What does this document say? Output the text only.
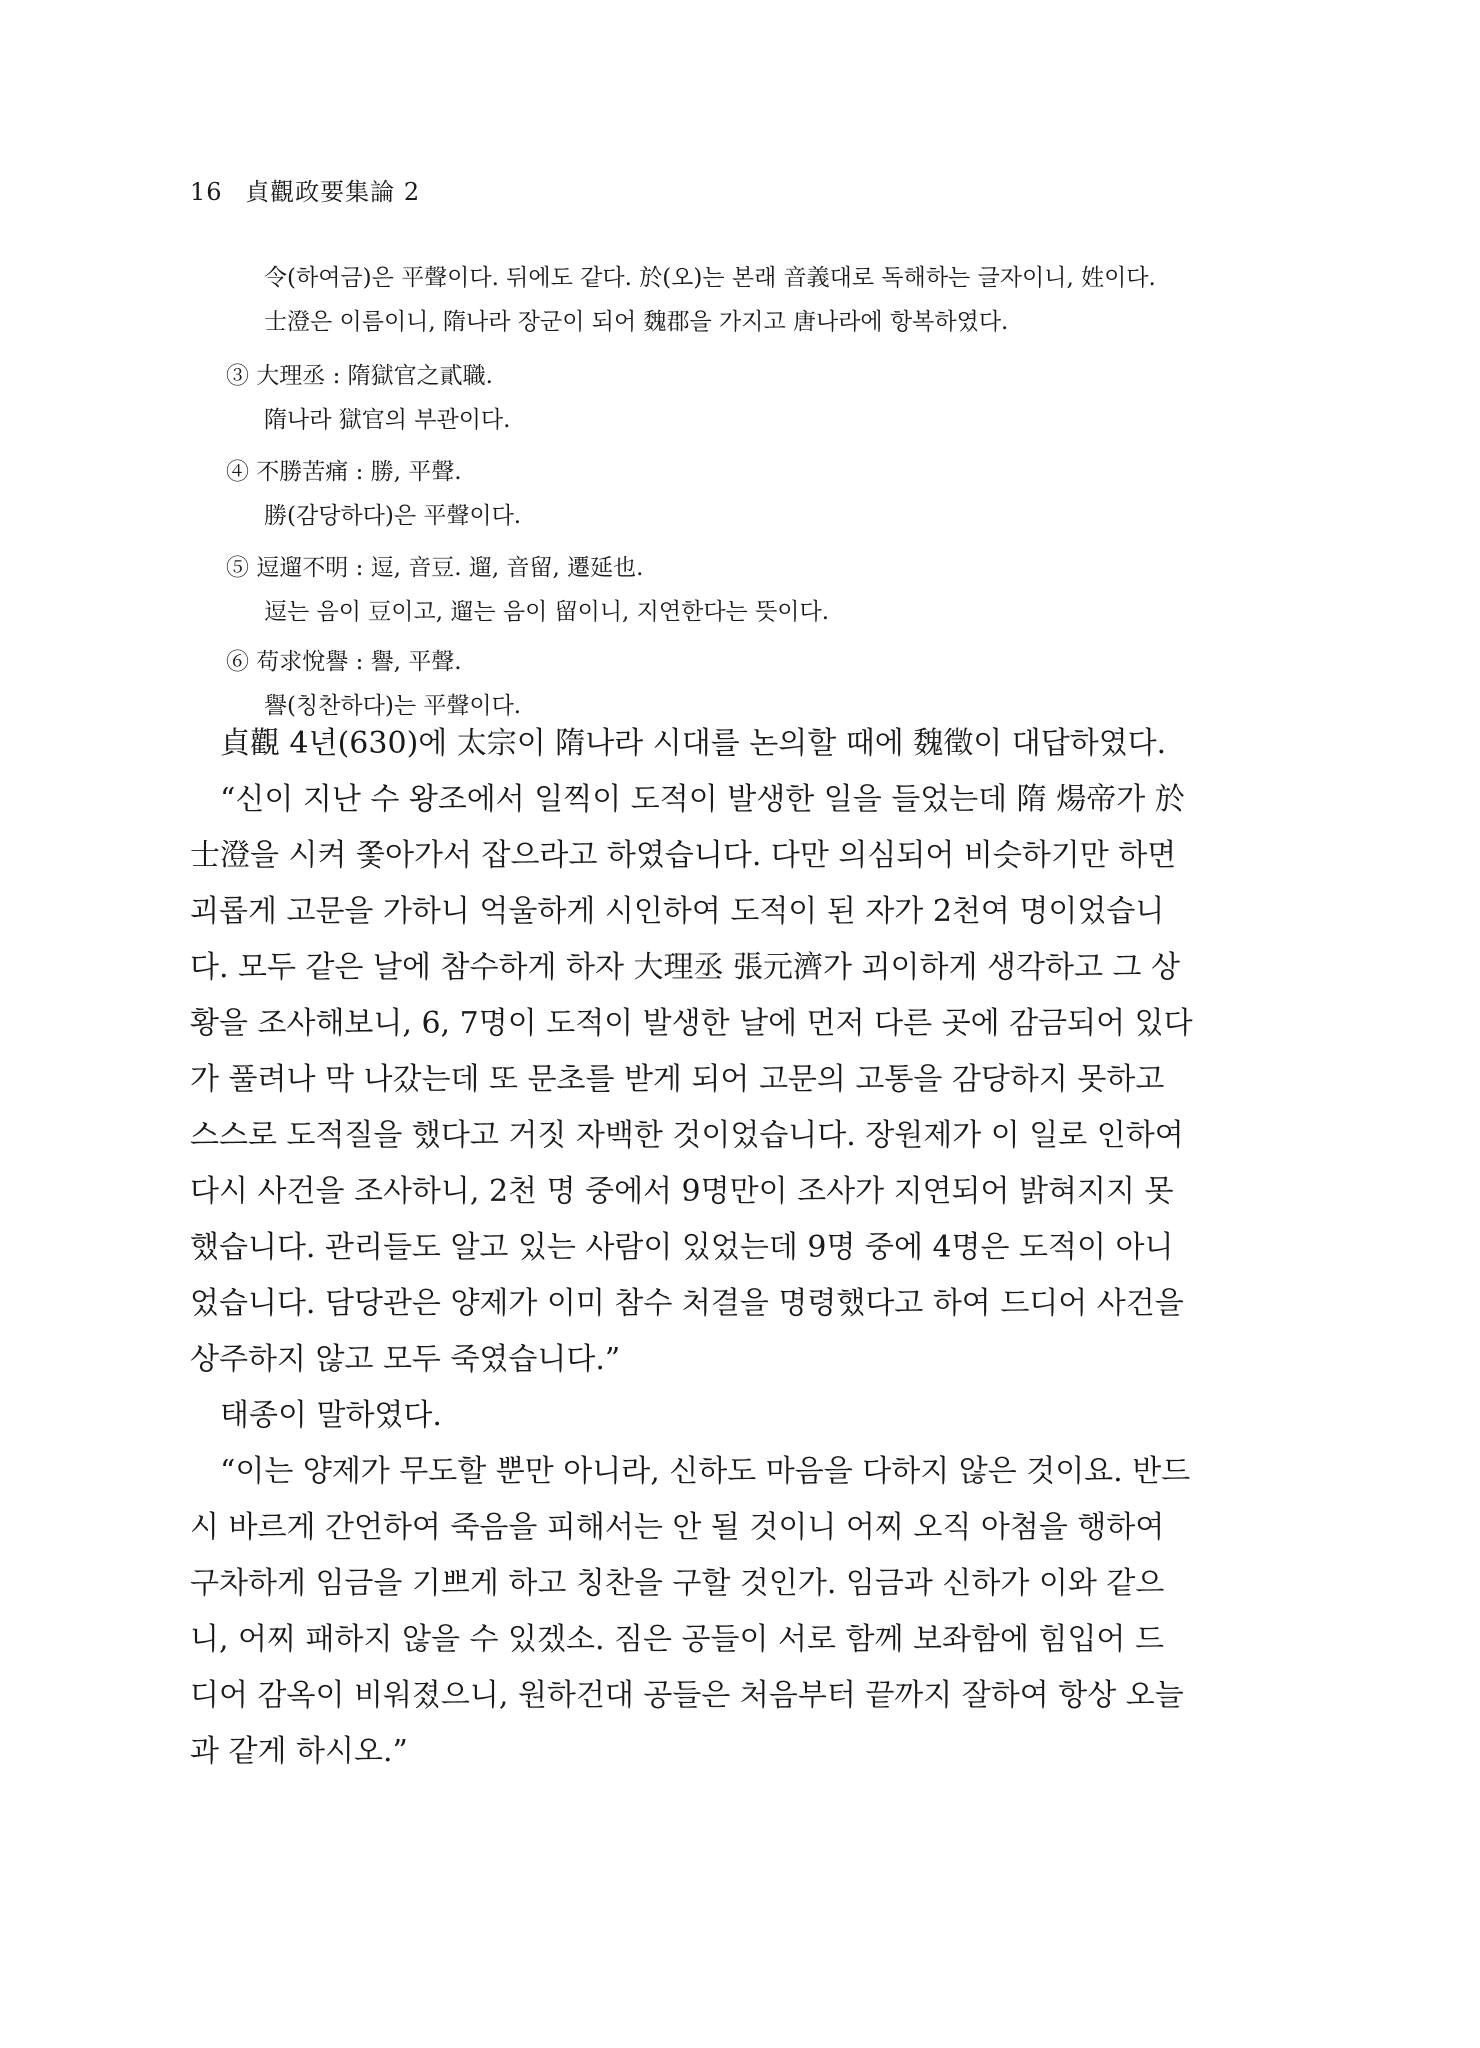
16 貞觀政要集論 2
令(하여금)은 平聲이다. 뒤에도 같다. 於(오)는 본래 音義대로 독해하는 글자이니, 姓이다.
士澄은 이름이니, 隋나라 장군이 되어 魏郡을 가지고 唐나라에 항복하였다.
③ 大理丞 : 隋獄官之貳職.
隋나라 獄官의 부관이다.
④ 不勝苦痛 : 勝, 平聲.
勝(감당하다)은 平聲이다.
⑤ 逗遛不明 : 逗, 音豆. 遛, 音留, 遷延也.
逗는 음이 豆이고, 遛는 음이 留이니, 지연한다는 뜻이다.
⑥ 苟求悅譽 : 譽, 平聲.
譽(칭찬하다)는 平聲이다.
貞觀 4년(630)에 太宗이 隋나라 시대를 논의할 때에 魏徵이 대답하였다.
“신이 지난 수 왕조에서 일찍이 도적이 발생한 일을 들었는데 隋 煬帝가 於
士澄을 시켜 쫓아가서 잡으라고 하였습니다. 다만 의심되어 비슷하기만 하면
괴롭게 고문을 가하니 억울하게 시인하여 도적이 된 자가 2천여 명이었습니
다. 모두 같은 날에 참수하게 하자 大理丞 張元濟가 괴이하게 생각하고 그 상
황을 조사해보니, 6, 7명이 도적이 발생한 날에 먼저 다른 곳에 감금되어 있다
가 풀려나 막 나갔는데 또 문초를 받게 되어 고문의 고통을 감당하지 못하고
스스로 도적질을 했다고 거짓 자백한 것이었습니다. 장원제가 이 일로 인하여
다시 사건을 조사하니, 2천 명 중에서 9명만이 조사가 지연되어 밝혀지지 못
했습니다. 관리들도 알고 있는 사람이 있었는데 9명 중에 4명은 도적이 아니
었습니다. 담당관은 양제가 이미 참수 처결을 명령했다고 하여 드디어 사건을
상주하지 않고 모두 죽였습니다.”
태종이 말하였다.
“이는 양제가 무도할 뿐만 아니라, 신하도 마음을 다하지 않은 것이요. 반드
시 바르게 간언하여 죽음을 피해서는 안 될 것이니 어찌 오직 아첨을 행하여
구차하게 임금을 기쁘게 하고 칭찬을 구할 것인가. 임금과 신하가 이와 같으
니, 어찌 패하지 않을 수 있겠소. 짐은 공들이 서로 함께 보좌함에 힘입어 드
디어 감옥이 비워졌으니, 원하건대 공들은 처음부터 끝까지 잘하여 항상 오늘
과 같게 하시오.”
